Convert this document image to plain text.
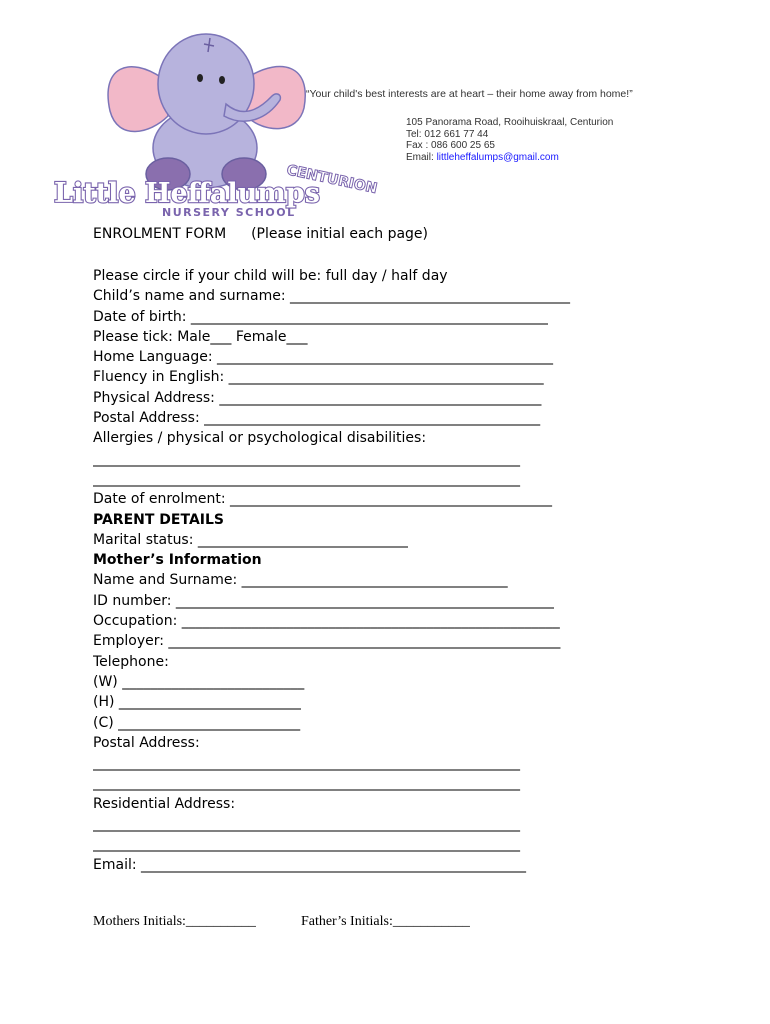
CENTURION
Little Heffalumps
NURSERY SCHOOL
“Your child's best interests are at heart – their home away from home!”
105 Panorama Road, Rooihuiskraal, Centurion
Tel: 012 661 77 44
Fax : 086 600 25 65
Email: littleheffalumps@gmail.com
ENROLMENT FORM (Please initial each page)
Please circle if your child will be: full day / half day
Child’s name and surname: ________________________________________
Date of birth: ___________________________________________________
Please tick: Male___ Female___
Home Language: ________________________________________________
Fluency in English: _____________________________________________
Physical Address: ______________________________________________
Postal Address: ________________________________________________
Allergies / physical or psychological disabilities:
_____________________________________________________________
_____________________________________________________________
Date of enrolment: ______________________________________________
PARENT DETAILS
Marital status: ______________________________
Mother’s Information
Name and Surname: ______________________________________
ID number: ______________________________________________________
Occupation: ______________________________________________________
Employer: ________________________________________________________
Telephone:
(W) __________________________
(H) __________________________
(C) __________________________
Postal Address:
_____________________________________________________________
_____________________________________________________________
Residential Address:
_____________________________________________________________
_____________________________________________________________
Email: _______________________________________________________
Mothers Initials:__________	Father’s Initials:___________
